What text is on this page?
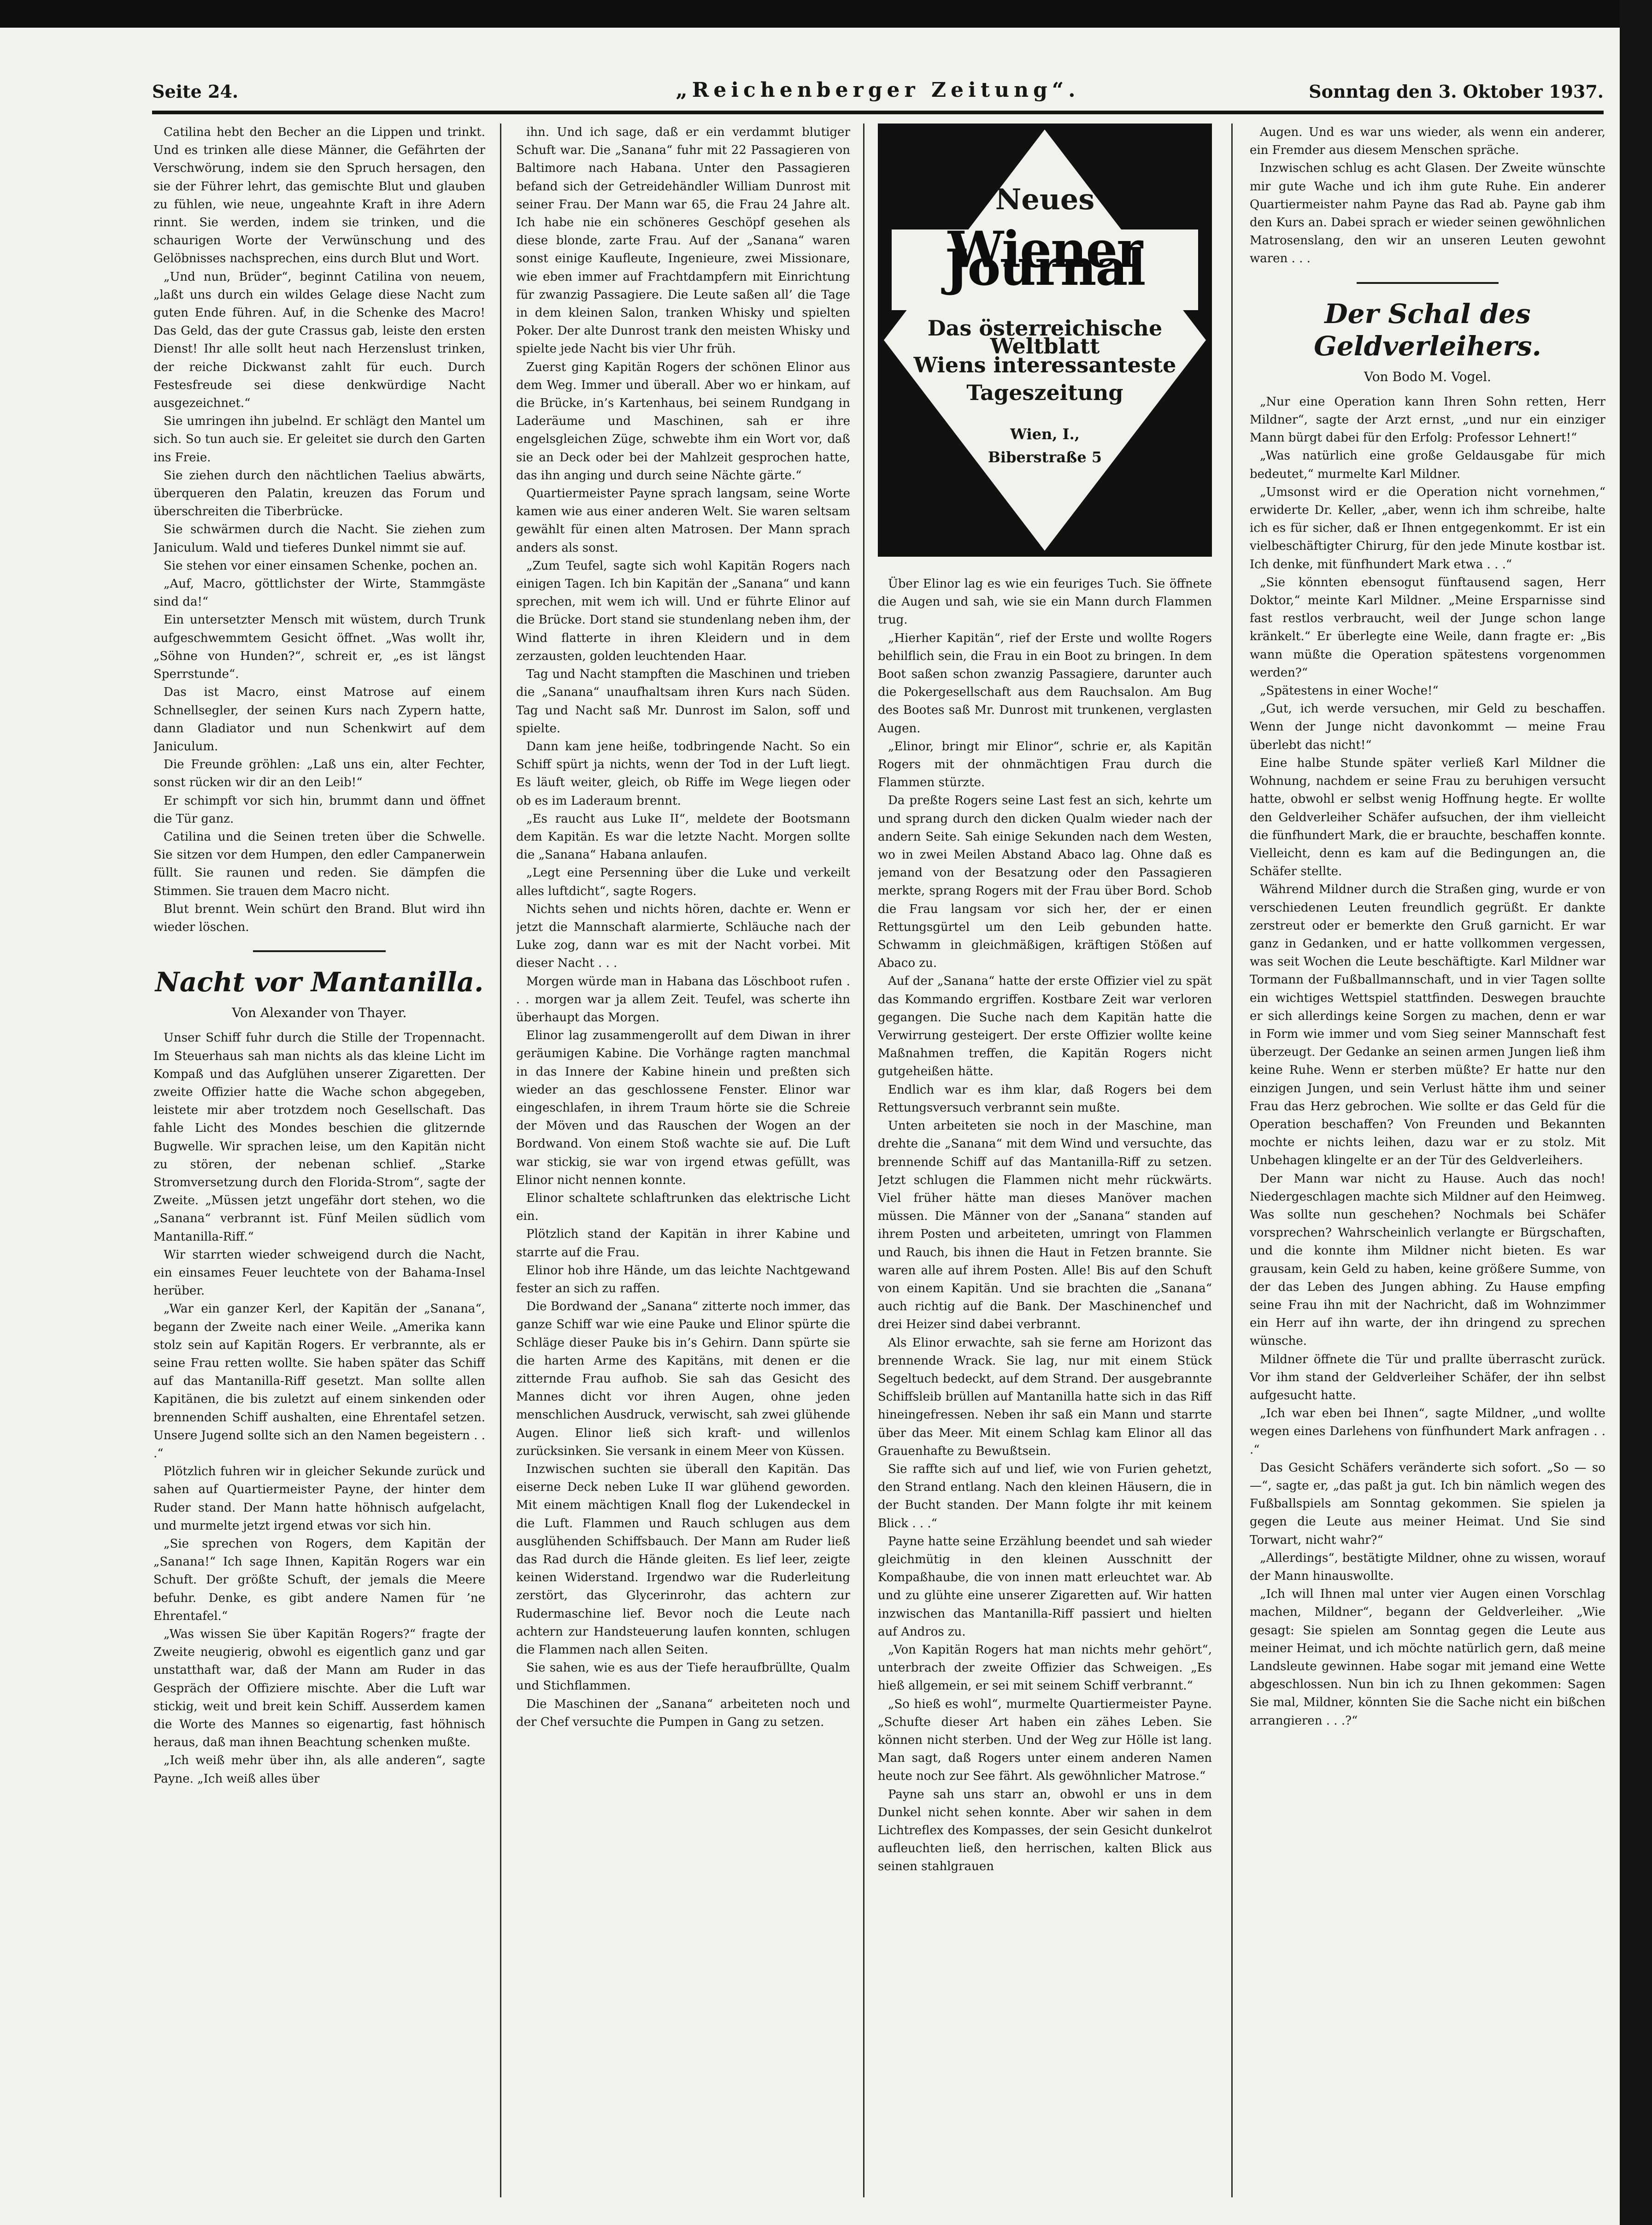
Seite 24.	„Reichenberger Zeitung“.	Sonntag den 3. Oktober 1937.

Catilina hebt den Becher an die Lippen und trinkt. Und es trinken alle diese Männer, die Gefährten der Verschwörung, indem sie den Spruch hersagen, den sie der Führer lehrt, das gemischte Blut und glauben zu fühlen, wie neue, ungeahnte Kraft in ihre Adern rinnt. Sie werden, indem sie trinken, und die schaurigen Worte der Verwünschung und des Gelöbnisses nachsprechen, eins durch Blut und Wort.

„Und nun, Brüder“, beginnt Catilina von neuem, „laßt uns durch ein wildes Gelage diese Nacht zum guten Ende führen. Auf, in die Schenke des Macro! Das Geld, das der gute Crassus gab, leiste den ersten Dienst! Ihr alle sollt heut nach Herzenslust trinken, der reiche Dickwanst zahlt für euch. Durch Festesfreude sei diese denkwürdige Nacht ausgezeichnet.“

Sie umringen ihn jubelnd. Er schlägt den Mantel um sich. So tun auch sie. Er geleitet sie durch den Garten ins Freie.

Sie ziehen durch den nächtlichen Taelius abwärts, überqueren den Palatin, kreuzen das Forum und überschreiten die Tiberbrücke.

Sie schwärmen durch die Nacht. Sie ziehen zum Janiculum. Wald und tieferes Dunkel nimmt sie auf.

Sie stehen vor einer einsamen Schenke, pochen an.

„Auf, Macro, göttlichster der Wirte, Stammgäste sind da!“

Ein untersetzter Mensch mit wüstem, durch Trunk aufgeschwemmtem Gesicht öffnet. „Was wollt ihr, „Söhne von Hunden?“, schreit er, „es ist längst Sperrstunde“.

Das ist Macro, einst Matrose auf einem Schnellsegler, der seinen Kurs nach Zypern hatte, dann Gladiator und nun Schenkwirt auf dem Janiculum.

Die Freunde gröhlen: „Laß uns ein, alter Fechter, sonst rücken wir dir an den Leib!“

Er schimpft vor sich hin, brummt dann und öffnet die Tür ganz.

Catilina und die Seinen treten über die Schwelle. Sie sitzen vor dem Humpen, den edler Campanerwein füllt. Sie raunen und reden. Sie dämpfen die Stimmen. Sie trauen dem Macro nicht.

Blut brennt. Wein schürt den Brand. Blut wird ihn wieder löschen.

Nacht vor Mantanilla.
Von Alexander von Thayer.

Unser Schiff fuhr durch die Stille der Tropennacht. Im Steuerhaus sah man nichts als das kleine Licht im Kompaß und das Aufglühen unserer Zigaretten. Der zweite Offizier hatte die Wache schon abgegeben, leistete mir aber trotzdem noch Gesellschaft. Das fahle Licht des Mondes beschien die glitzernde Bugwelle. Wir sprachen leise, um den Kapitän nicht zu stören, der nebenan schlief. „Starke Stromversetzung durch den Florida-Strom“, sagte der Zweite. „Müssen jetzt ungefähr dort stehen, wo die „Sanana“ verbrannt ist. Fünf Meilen südlich vom Mantanilla-Riff.“

Wir starrten wieder schweigend durch die Nacht, ein einsames Feuer leuchtete von der Bahama-Insel herüber.

„War ein ganzer Kerl, der Kapitän der „Sanana“, begann der Zweite nach einer Weile. „Amerika kann stolz sein auf Kapitän Rogers. Er verbrannte, als er seine Frau retten wollte. Sie haben später das Schiff auf das Mantanilla-Riff gesetzt. Man sollte allen Kapitänen, die bis zuletzt auf einem sinkenden oder brennenden Schiff aushalten, eine Ehrentafel setzen. Unsere Jugend sollte sich an den Namen begeistern . . .“

Plötzlich fuhren wir in gleicher Sekunde zurück und sahen auf Quartiermeister Payne, der hinter dem Ruder stand. Der Mann hatte höhnisch aufgelacht, und murmelte jetzt irgend etwas vor sich hin.

„Sie sprechen von Rogers, dem Kapitän der „Sanana!“ Ich sage Ihnen, Kapitän Rogers war ein Schuft. Der größte Schuft, der jemals die Meere befuhr. Denke, es gibt andere Namen für ’ne Ehrentafel.“

„Was wissen Sie über Kapitän Rogers?“ fragte der Zweite neugierig, obwohl es eigentlich ganz und gar unstatthaft war, daß der Mann am Ruder in das Gespräch der Offiziere mischte. Aber die Luft war stickig, weit und breit kein Schiff. Ausserdem kamen die Worte des Mannes so eigenartig, fast höhnisch heraus, daß man ihnen Beachtung schenken mußte.

„Ich weiß mehr über ihn, als alle anderen“, sagte Payne. „Ich weiß alles über

ihn. Und ich sage, daß er ein verdammt blutiger Schuft war. Die „Sanana“ fuhr mit 22 Passagieren von Baltimore nach Habana. Unter den Passagieren befand sich der Getreidehändler William Dunrost mit seiner Frau. Der Mann war 65, die Frau 24 Jahre alt. Ich habe nie ein schöneres Geschöpf gesehen als diese blonde, zarte Frau. Auf der „Sanana“ waren sonst einige Kaufleute, Ingenieure, zwei Missionare, wie eben immer auf Frachtdampfern mit Einrichtung für zwanzig Passagiere. Die Leute saßen all’ die Tage in dem kleinen Salon, tranken Whisky und spielten Poker. Der alte Dunrost trank den meisten Whisky und spielte jede Nacht bis vier Uhr früh.

Zuerst ging Kapitän Rogers der schönen Elinor aus dem Weg. Immer und überall. Aber wo er hinkam, auf die Brücke, in’s Kartenhaus, bei seinem Rundgang in Laderäume und Maschinen, sah er ihre engelsgleichen Züge, schwebte ihm ein Wort vor, daß sie an Deck oder bei der Mahlzeit gesprochen hatte, das ihn anging und durch seine Nächte gärte.“

Quartiermeister Payne sprach langsam, seine Worte kamen wie aus einer anderen Welt. Sie waren seltsam gewählt für einen alten Matrosen. Der Mann sprach anders als sonst.

„Zum Teufel, sagte sich wohl Kapitän Rogers nach einigen Tagen. Ich bin Kapitän der „Sanana“ und kann sprechen, mit wem ich will. Und er führte Elinor auf die Brücke. Dort stand sie stundenlang neben ihm, der Wind flatterte in ihren Kleidern und in dem zerzausten, golden leuchtenden Haar.

Tag und Nacht stampften die Maschinen und trieben die „Sanana“ unaufhaltsam ihren Kurs nach Süden. Tag und Nacht saß Mr. Dunrost im Salon, soff und spielte.

Dann kam jene heiße, todbringende Nacht. So ein Schiff spürt ja nichts, wenn der Tod in der Luft liegt. Es läuft weiter, gleich, ob Riffe im Wege liegen oder ob es im Laderaum brennt.

„Es raucht aus Luke II“, meldete der Bootsmann dem Kapitän. Es war die letzte Nacht. Morgen sollte die „Sanana“ Habana anlaufen.

„Legt eine Persenning über die Luke und verkeilt alles luftdicht“, sagte Rogers.

Nichts sehen und nichts hören, dachte er. Wenn er jetzt die Mannschaft alarmierte, Schläuche nach der Luke zog, dann war es mit der Nacht vorbei. Mit dieser Nacht . . .

Morgen würde man in Habana das Löschboot rufen . . . morgen war ja allem Zeit. Teufel, was scherte ihn überhaupt das Morgen.

Elinor lag zusammengerollt auf dem Diwan in ihrer geräumigen Kabine. Die Vorhänge ragten manchmal in das Innere der Kabine hinein und preßten sich wieder an das geschlossene Fenster. Elinor war eingeschlafen, in ihrem Traum hörte sie die Schreie der Möven und das Rauschen der Wogen an der Bordwand. Von einem Stoß wachte sie auf. Die Luft war stickig, sie war von irgend etwas gefüllt, was Elinor nicht nennen konnte.

Elinor schaltete schlaftrunken das elektrische Licht ein.

Plötzlich stand der Kapitän in ihrer Kabine und starrte auf die Frau.

Elinor hob ihre Hände, um das leichte Nachtgewand fester an sich zu raffen.

Die Bordwand der „Sanana“ zitterte noch immer, das ganze Schiff war wie eine Pauke und Elinor spürte die Schläge dieser Pauke bis in’s Gehirn. Dann spürte sie die harten Arme des Kapitäns, mit denen er die zitternde Frau aufhob. Sie sah das Gesicht des Mannes dicht vor ihren Augen, ohne jeden menschlichen Ausdruck, verwischt, sah zwei glühende Augen. Elinor ließ sich kraft- und willenlos zurücksinken. Sie versank in einem Meer von Küssen.

Inzwischen suchten sie überall den Kapitän. Das eiserne Deck neben Luke II war glühend geworden. Mit einem mächtigen Knall flog der Lukendeckel in die Luft. Flammen und Rauch schlugen aus dem ausglühenden Schiffsbauch. Der Mann am Ruder ließ das Rad durch die Hände gleiten. Es lief leer, zeigte keinen Widerstand. Irgendwo war die Ruderleitung zerstört, das Glycerinrohr, das achtern zur Rudermaschine lief. Bevor noch die Leute nach achtern zur Handsteuerung laufen konnten, schlugen die Flammen nach allen Seiten.

Sie sahen, wie es aus der Tiefe heraufbrüllte, Qualm und Stichflammen.

Die Maschinen der „Sanana“ arbeiteten noch und der Chef versuchte die Pumpen in Gang zu setzen.

Neues
Wiener Journal
Das österreichische Weltblatt
Wiens interessanteste
Tageszeitung
Wien, I.,
Biberstraße 5

Über Elinor lag es wie ein feuriges Tuch. Sie öffnete die Augen und sah, wie sie ein Mann durch Flammen trug.

„Hierher Kapitän“, rief der Erste und wollte Rogers behilflich sein, die Frau in ein Boot zu bringen. In dem Boot saßen schon zwanzig Passagiere, darunter auch die Pokergesellschaft aus dem Rauchsalon. Am Bug des Bootes saß Mr. Dunrost mit trunkenen, verglasten Augen.

„Elinor, bringt mir Elinor“, schrie er, als Kapitän Rogers mit der ohnmächtigen Frau durch die Flammen stürzte.

Da preßte Rogers seine Last fest an sich, kehrte um und sprang durch den dicken Qualm wieder nach der andern Seite. Sah einige Sekunden nach dem Westen, wo in zwei Meilen Abstand Abaco lag. Ohne daß es jemand von der Besatzung oder den Passagieren merkte, sprang Rogers mit der Frau über Bord. Schob die Frau langsam vor sich her, der er einen Rettungsgürtel um den Leib gebunden hatte. Schwamm in gleichmäßigen, kräftigen Stößen auf Abaco zu.

Auf der „Sanana“ hatte der erste Offizier viel zu spät das Kommando ergriffen. Kostbare Zeit war verloren gegangen. Die Suche nach dem Kapitän hatte die Verwirrung gesteigert. Der erste Offizier wollte keine Maßnahmen treffen, die Kapitän Rogers nicht gutgeheißen hätte.

Endlich war es ihm klar, daß Rogers bei dem Rettungsversuch verbrannt sein mußte.

Unten arbeiteten sie noch in der Maschine, man drehte die „Sanana“ mit dem Wind und versuchte, das brennende Schiff auf das Mantanilla-Riff zu setzen. Jetzt schlugen die Flammen nicht mehr rückwärts. Viel früher hätte man dieses Manöver machen müssen. Die Männer von der „Sanana“ standen auf ihrem Posten und arbeiteten, umringt von Flammen und Rauch, bis ihnen die Haut in Fetzen brannte. Sie waren alle auf ihrem Posten. Alle! Bis auf den Schuft von einem Kapitän. Und sie brachten die „Sanana“ auch richtig auf die Bank. Der Maschinenchef und drei Heizer sind dabei verbrannt.

Als Elinor erwachte, sah sie ferne am Horizont das brennende Wrack. Sie lag, nur mit einem Stück Segeltuch bedeckt, auf dem Strand. Der ausgebrannte Schiffsleib brüllen auf Mantanilla hatte sich in das Riff hineingefressen. Neben ihr saß ein Mann und starrte über das Meer. Mit einem Schlag kam Elinor all das Grauenhafte zu Bewußtsein.

Sie raffte sich auf und lief, wie von Furien gehetzt, den Strand entlang. Nach den kleinen Häusern, die in der Bucht standen. Der Mann folgte ihr mit keinem Blick . . .“

Payne hatte seine Erzählung beendet und sah wieder gleichmütig in den kleinen Ausschnitt der Kompaßhaube, die von innen matt erleuchtet war. Ab und zu glühte eine unserer Zigaretten auf. Wir hatten inzwischen das Mantanilla-Riff passiert und hielten auf Andros zu.

„Von Kapitän Rogers hat man nichts mehr gehört“, unterbrach der zweite Offizier das Schweigen. „Es hieß allgemein, er sei mit seinem Schiff verbrannt.“

„So hieß es wohl“, murmelte Quartiermeister Payne. „Schufte dieser Art haben ein zähes Leben. Sie können nicht sterben. Und der Weg zur Hölle ist lang. Man sagt, daß Rogers unter einem anderen Namen heute noch zur See fährt. Als gewöhnlicher Matrose.“

Payne sah uns starr an, obwohl er uns in dem Dunkel nicht sehen konnte. Aber wir sahen in dem Lichtreflex des Kompasses, der sein Gesicht dunkelrot aufleuchten ließ, den herrischen, kalten Blick aus seinen stahlgrauen

Augen. Und es war uns wieder, als wenn ein anderer, ein Fremder aus diesem Menschen spräche.

Inzwischen schlug es acht Glasen. Der Zweite wünschte mir gute Wache und ich ihm gute Ruhe. Ein anderer Quartiermeister nahm Payne das Rad ab. Payne gab ihm den Kurs an. Dabei sprach er wieder seinen gewöhnlichen Matrosenslang, den wir an unseren Leuten gewohnt waren . . .

Der Schal des Geldverleihers.
Von Bodo M. Vogel.

„Nur eine Operation kann Ihren Sohn retten, Herr Mildner“, sagte der Arzt ernst, „und nur ein einziger Mann bürgt dabei für den Erfolg: Professor Lehnert!“

„Was natürlich eine große Geldausgabe für mich bedeutet,“ murmelte Karl Mildner.

„Umsonst wird er die Operation nicht vornehmen,“ erwiderte Dr. Keller, „aber, wenn ich ihm schreibe, halte ich es für sicher, daß er Ihnen entgegenkommt. Er ist ein vielbeschäftigter Chirurg, für den jede Minute kostbar ist. Ich denke, mit fünfhundert Mark etwa . . .“

„Sie könnten ebensogut fünftausend sagen, Herr Doktor,“ meinte Karl Mildner. „Meine Ersparnisse sind fast restlos verbraucht, weil der Junge schon lange kränkelt.“ Er überlegte eine Weile, dann fragte er: „Bis wann müßte die Operation spätestens vorgenommen werden?“

„Spätestens in einer Woche!“

„Gut, ich werde versuchen, mir Geld zu beschaffen. Wenn der Junge nicht davonkommt — meine Frau überlebt das nicht!“

Eine halbe Stunde später verließ Karl Mildner die Wohnung, nachdem er seine Frau zu beruhigen versucht hatte, obwohl er selbst wenig Hoffnung hegte. Er wollte den Geldverleiher Schäfer aufsuchen, der ihm vielleicht die fünfhundert Mark, die er brauchte, beschaffen konnte. Vielleicht, denn es kam auf die Bedingungen an, die Schäfer stellte.

Während Mildner durch die Straßen ging, wurde er von verschiedenen Leuten freundlich gegrüßt. Er dankte zerstreut oder er bemerkte den Gruß garnicht. Er war ganz in Gedanken, und er hatte vollkommen vergessen, was seit Wochen die Leute beschäftigte. Karl Mildner war Tormann der Fußballmannschaft, und in vier Tagen sollte ein wichtiges Wettspiel stattfinden. Deswegen brauchte er sich allerdings keine Sorgen zu machen, denn er war in Form wie immer und vom Sieg seiner Mannschaft fest überzeugt. Der Gedanke an seinen armen Jungen ließ ihm keine Ruhe. Wenn er sterben müßte? Er hatte nur den einzigen Jungen, und sein Verlust hätte ihm und seiner Frau das Herz gebrochen. Wie sollte er das Geld für die Operation beschaffen? Von Freunden und Bekannten mochte er nichts leihen, dazu war er zu stolz. Mit Unbehagen klingelte er an der Tür des Geldverleihers.

Der Mann war nicht zu Hause. Auch das noch! Niedergeschlagen machte sich Mildner auf den Heimweg. Was sollte nun geschehen? Nochmals bei Schäfer vorsprechen? Wahrscheinlich verlangte er Bürgschaften, und die konnte ihm Mildner nicht bieten. Es war grausam, kein Geld zu haben, keine größere Summe, von der das Leben des Jungen abhing. Zu Hause empfing seine Frau ihn mit der Nachricht, daß im Wohnzimmer ein Herr auf ihn warte, der ihn dringend zu sprechen wünsche.

Mildner öffnete die Tür und prallte überrascht zurück. Vor ihm stand der Geldverleiher Schäfer, der ihn selbst aufgesucht hatte.

„Ich war eben bei Ihnen“, sagte Mildner, „und wollte wegen eines Darlehens von fünfhundert Mark anfragen . . .“

Das Gesicht Schäfers veränderte sich sofort. „So — so —“, sagte er, „das paßt ja gut. Ich bin nämlich wegen des Fußballspiels am Sonntag gekommen. Sie spielen ja gegen die Leute aus meiner Heimat. Und Sie sind Torwart, nicht wahr?“

„Allerdings“, bestätigte Mildner, ohne zu wissen, worauf der Mann hinauswollte.

„Ich will Ihnen mal unter vier Augen einen Vorschlag machen, Mildner“, begann der Geldverleiher. „Wie gesagt: Sie spielen am Sonntag gegen die Leute aus meiner Heimat, und ich möchte natürlich gern, daß meine Landsleute gewinnen. Habe sogar mit jemand eine Wette abgeschlossen. Nun bin ich zu Ihnen gekommen: Sagen Sie mal, Mildner, könnten Sie die Sache nicht ein bißchen arrangieren . . .?“
